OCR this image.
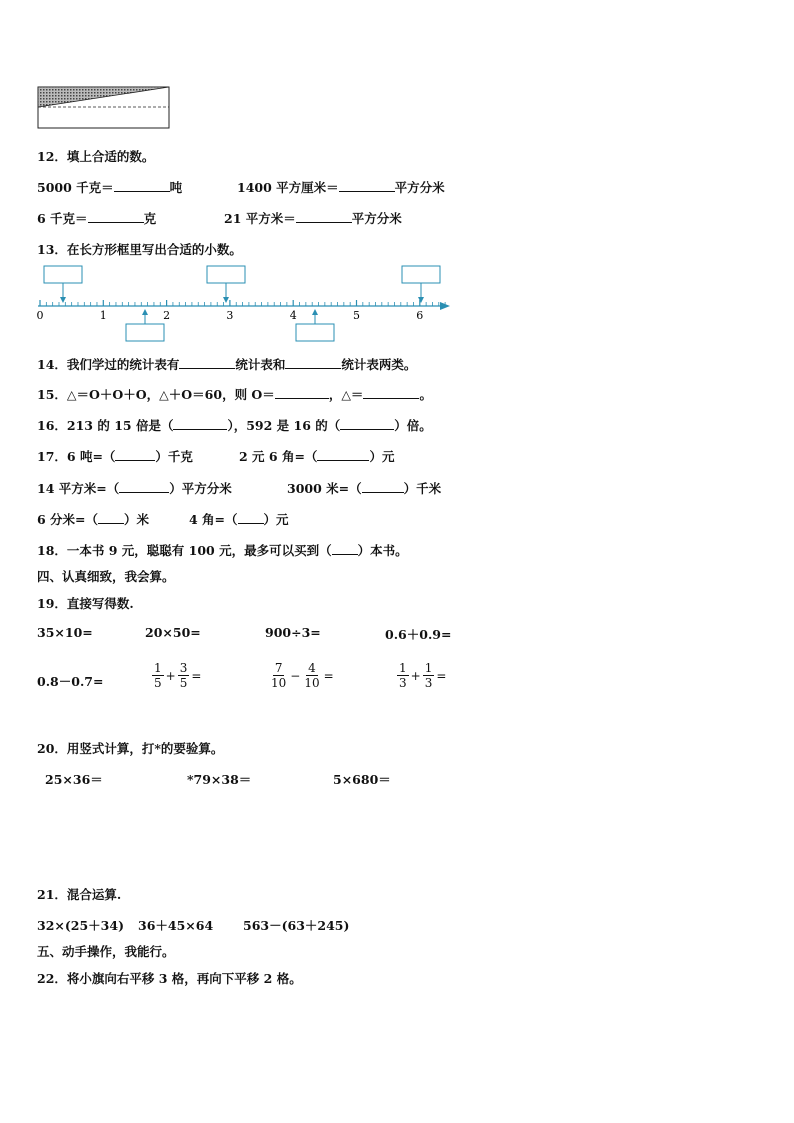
12．填上合适的数。
5000 千克＝	吨	1400 平方厘米＝	平方分米
6 千克＝	克	21 平方米＝	平方分米
13．在长方形框里写出合适的小数。
0	1	2	3	4	5	6
14．我们学过的统计表有	统计表和	统计表两类。
15．△＝O＋O＋O，△＋O＝60，则 O＝	，△＝	。
16．213 的 15 倍是（	），592 是 16 的（	）倍。
17．6 吨=（	）千克	2 元 6 角=（	）元
14 平方米=（	）平方分米	3000 米=（	）千米
6 分米=（ ）米	4 角=（ ）元
18．一本书 9 元，聪聪有 100 元，最多可以买到（ ）本书。
四、认真细致，我会算。
19．直接写得数.
35×10=	20×50=	900÷3=	0.6＋0.9=
0.8－0.7=	$\frac{1}{5} + \frac{3}{5}$ =	$\frac{7}{10} - \frac{4}{10}$ =	$\frac{1}{3} + \frac{1}{3}$ =
20．用竖式计算，打*的要验算。
25×36＝	*79×38＝	5×680＝
21．混合运算.
32×(25＋34) 36＋45×64 563－(63＋245)
五、动手操作，我能行。
22．将小旗向右平移 3 格，再向下平移 2 格。
